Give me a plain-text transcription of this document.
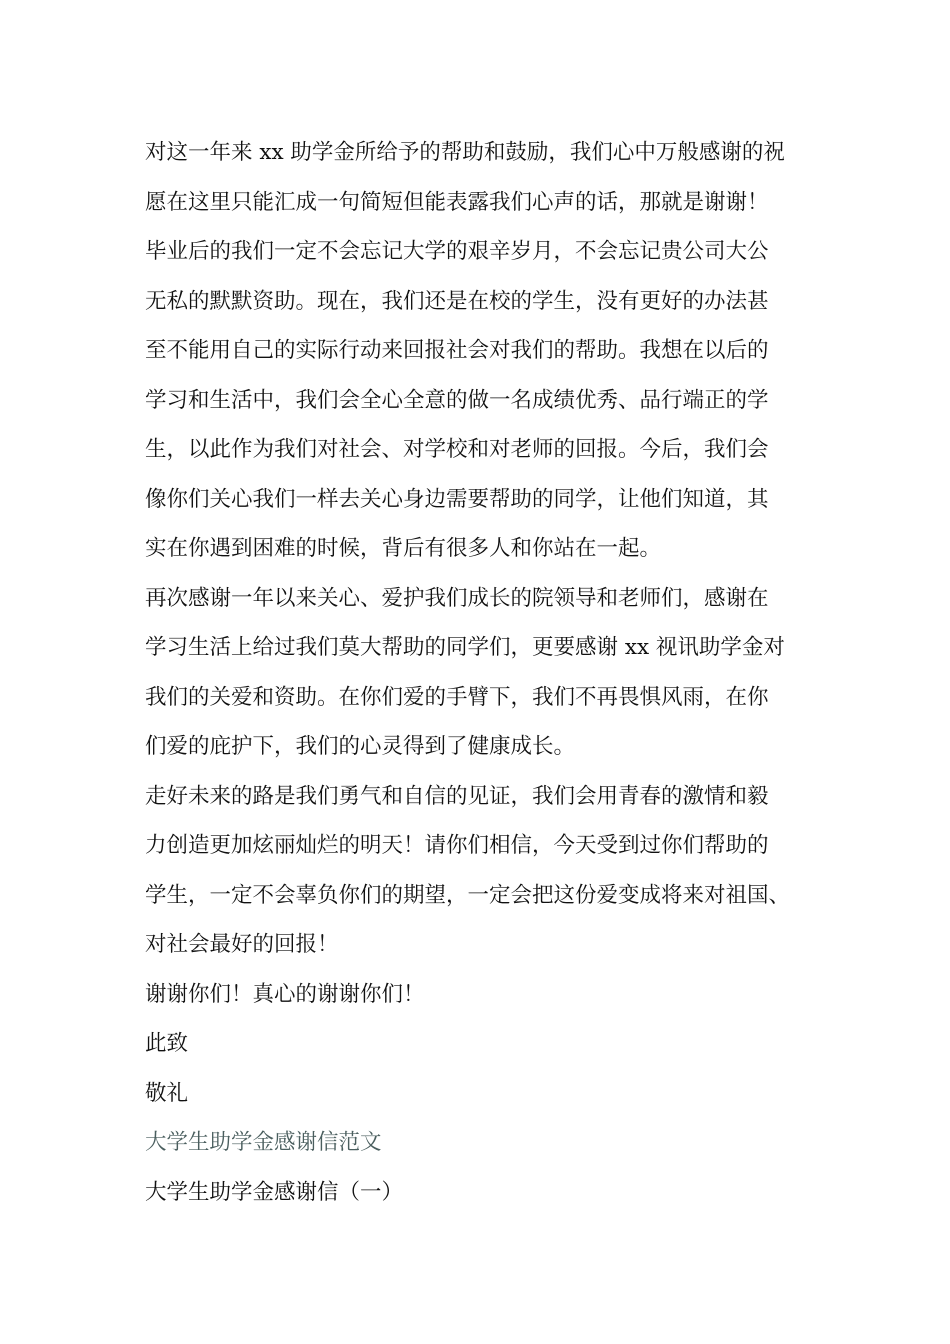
对这一年来 xx 助学金所给予的帮助和鼓励，我们心中万般感谢的祝
愿在这里只能汇成一句简短但能表露我们心声的话，那就是谢谢！
毕业后的我们一定不会忘记大学的艰辛岁月，不会忘记贵公司大公
无私的默默资助。现在，我们还是在校的学生，没有更好的办法甚
至不能用自己的实际行动来回报社会对我们的帮助。我想在以后的
学习和生活中，我们会全心全意的做一名成绩优秀、品行端正的学
生，以此作为我们对社会、对学校和对老师的回报。今后，我们会
像你们关心我们一样去关心身边需要帮助的同学，让他们知道，其
实在你遇到困难的时候，背后有很多人和你站在一起。
再次感谢一年以来关心、爱护我们成长的院领导和老师们，感谢在
学习生活上给过我们莫大帮助的同学们，更要感谢 xx 视讯助学金对
我们的关爱和资助。在你们爱的手臂下，我们不再畏惧风雨，在你
们爱的庇护下，我们的心灵得到了健康成长。
走好未来的路是我们勇气和自信的见证，我们会用青春的激情和毅
力创造更加炫丽灿烂的明天！请你们相信，今天受到过你们帮助的
学生，一定不会辜负你们的期望，一定会把这份爱变成将来对祖国、
对社会最好的回报！
谢谢你们！真心的谢谢你们！
此致
敬礼
大学生助学金感谢信范文
大学生助学金感谢信（一）
